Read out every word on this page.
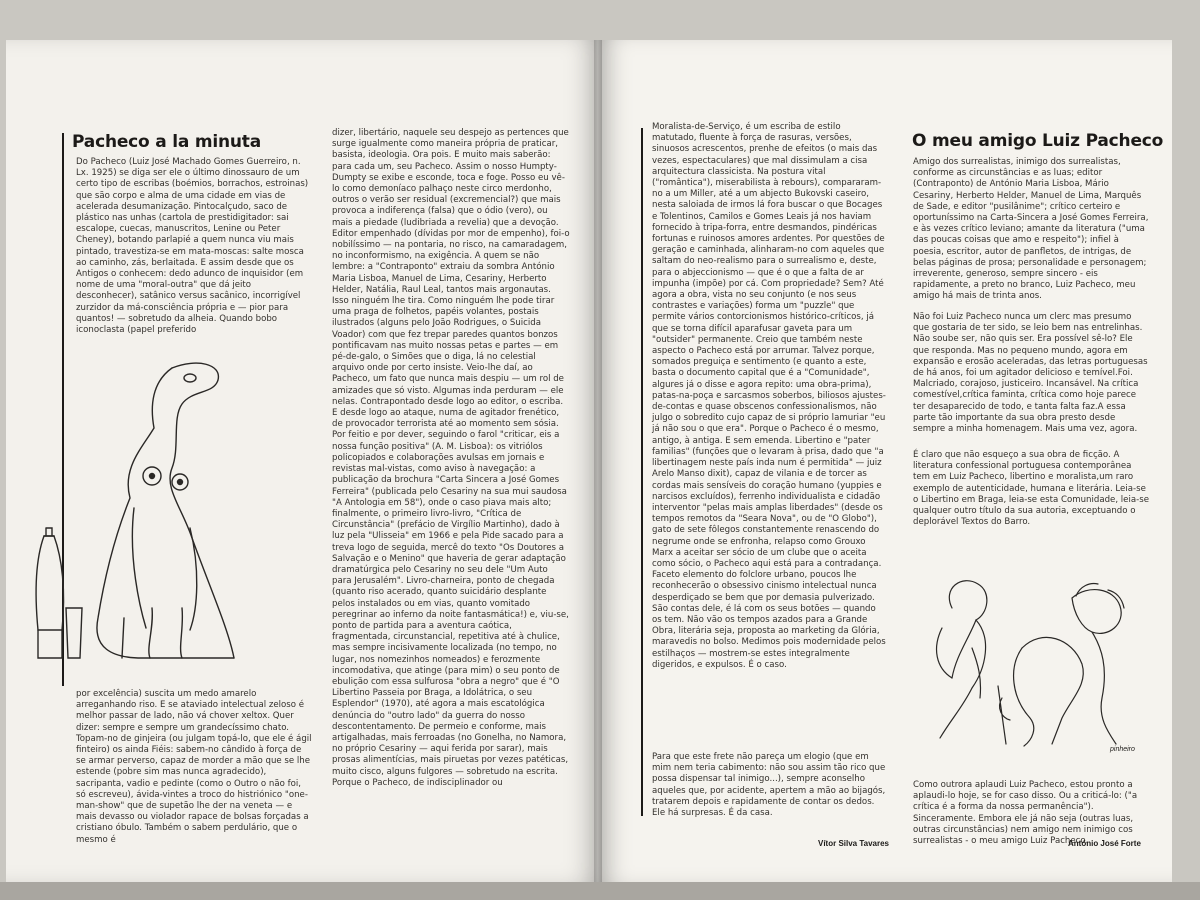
Pacheco a la minuta

Do Pacheco (Luiz José Machado Gomes Guerreiro, n. Lx. 1925) se diga ser ele o último dinossauro de um certo tipo de escribas (boémios, borrachos, estroinas) que são corpo e alma de uma cidade em vias de acelerada desumanização. Pintocalçudo, saco de plástico nas unhas (cartola de prestidigitador: sai escalope, cuecas, manuscritos, Lenine ou Peter Cheney), botando parlapié a quem nunca viu mais pintado, travestiza-se em mata-moscas: salte mosca ao caminho, zás, berlaitada. E assim desde que os Antigos o conhecem: dedo adunco de inquisidor (em nome de uma "moral-outra" que dá jeito desconhecer), satânico versus sacânico, incorrigível zurzidor da má-consciência própria e — pior para quantos! — sobretudo da alheia. Quando bobo iconoclasta (papel preferido

por excelência) suscita um medo amarelo arreganhando riso. E se ataviado intelectual zeloso é melhor passar de lado, não vá chover xeltox. Quer dizer: sempre e sempre um grandecíssimo chato. Topam-no de ginjeira (ou julgam topá-lo, que ele é ágil finteiro) os ainda Fiéis: sabem-no cândido à força de se armar perverso, capaz de morder a mão que se lhe estende (pobre sim mas nunca agradecido), sacripanta, vadio e pedinte (como o Outro o não foi, só escreveu), ávida-vintes a troco do histriónico "one-man-show" que de supetão lhe der na veneta — e mais devasso ou violador rapace de bolsas forçadas a cristiano óbulo. Também o sabem perdulário, que o mesmo é

dizer, libertário, naquele seu despejo as pertences que surge igualmente como maneira própria de praticar, basista, ideologia. Ora pois. E muito mais saberão: para cada um, seu Pacheco. Assim o nosso Humpty-Dumpty se exibe e esconde, toca e foge. Posso eu vê-lo como demoníaco palhaço neste circo merdonho, outros o verão ser residual (excremencial?) que mais provoca a indiferença (falsa) que o ódio (vero), ou mais a piedade (ludibriada a revelia) que a devoção. Editor empenhado (dívidas por mor de empenho), foi-o nobilíssimo — na pontaria, no risco, na camaradagem, no inconformismo, na exigência. A quem se não lembre: a "Contraponto" extraiu da sombra António Maria Lisboa, Manuel de Lima, Cesariny, Herberto Helder, Natália, Raul Leal, tantos mais argonautas. Isso ninguém lhe tira. Como ninguém lhe pode tirar uma praga de folhetos, papéis volantes, postais ilustrados (alguns pelo João Rodrigues, o Suicida Voador) com que fez trepar paredes quantos bonzos pontificavam nas muito nossas petas e partes — em pé-de-galo, o Simões que o diga, lá no celestial arquivo onde por certo insiste. Veio-lhe daí, ao Pacheco, um fato que nunca mais despiu — um rol de amizades que só visto. Algumas inda perduram — ele nelas. Contrapontado desde logo ao editor, o escriba. E desde logo ao ataque, numa de agitador frenético, de provocador terrorista até ao momento sem sósia. Por feitio e por dever, seguindo o farol "criticar, eis a nossa função positiva" (A. M. Lisboa): os vitriólos policopiados e colaborações avulsas em jornais e revistas mal-vistas, como aviso à navegação: a publicação da brochura "Carta Sincera a José Gomes Ferreira" (publicada pelo Cesariny na sua mui saudosa "A Antologia em 58"), onde o caso piava mais alto; finalmente, o primeiro livro-livro, "Crítica de Circunstância" (prefácio de Virgílio Martinho), dado à luz pela "Ulisseia" em 1966 e pela Pide sacado para a treva logo de seguida, mercê do texto "Os Doutores a Salvação e o Menino" que haveria de gerar adaptação dramatúrgica pelo Cesariny no seu dele "Um Auto para Jerusalém". Livro-charneira, ponto de chegada (quanto riso acerado, quanto suicidário desplante pelos instalados ou em vias, quanto vomitado peregrinar ao inferno da noite fantasmática!) e, viu-se, ponto de partida para a aventura caótica, fragmentada, circunstancial, repetitiva até à chulice, mas sempre incisivamente localizada (no tempo, no lugar, nos nomezinhos nomeados) e ferozmente incomodativa, que atinge (para mim) o seu ponto de ebulição com essa sulfurosa "obra a negro" que é "O Libertino Passeia por Braga, a Idolátrica, o seu Esplendor" (1970), até agora a mais escatológica denúncia do "outro lado" da guerra do nosso descontentamento. De permeio e conforme, mais artigalhadas, mais ferroadas (no Gonelha, no Namora, no próprio Cesariny — aqui ferida por sarar), mais prosas alimentícias, mais piruetas por vezes patéticas, muito cisco, alguns fulgores — sobretudo na escrita. Porque o Pacheco, de indisciplinador ou

Moralista-de-Serviço, é um escriba de estilo matutado, fluente à força de rasuras, versões, sinuosos acrescentos, prenhe de efeitos (o mais das vezes, espectaculares) que mal dissimulam a cisa arquitectura classicista. Na postura vital ("romântica"), miserabilista à rebours), compararam-no a um Miller, até a um abjecto Bukovski caseiro, nesta saloiada de irmos lá fora buscar o que Bocages e Tolentinos, Camilos e Gomes Leais já nos haviam fornecido à tripa-forra, entre desmandos, pindéricas fortunas e ruinosos amores ardentes. Por questões de geração e caminhada, alinharam-no com aqueles que saltam do neo-realismo para o surrealismo e, deste, para o abjeccionismo — que é o que a falta de ar impunha (impõe) por cá. Com propriedade? Sem? Até agora a obra, vista no seu conjunto (e nos seus contrastes e variações) forma um "puzzle" que permite vários contorcionismos histórico-críticos, já que se torna difícil aparafusar gaveta para um "outsider" permanente. Creio que também neste aspecto o Pacheco está por arrumar. Talvez porque, somados preguiça e sentimento (e quanto a este, basta o documento capital que é a "Comunidade", algures já o disse e agora repito: uma obra-prima), patas-na-poça e sarcasmos soberbos, biliosos ajustes-de-contas e quase obscenos confessionalismos, não julgo o sobredito cujo capaz de si próprio lamuriar "eu já não sou o que era". Porque o Pacheco é o mesmo, antigo, à antiga. E sem emenda. Libertino e "pater familias" (funções que o levaram à prisa, dado que "a libertinagem neste país inda num é permitida" — juiz Arelo Manso dixit), capaz de vilania e de torcer as cordas mais sensíveis do coração humano (yuppies e narcisos excluídos), ferrenho individualista e cidadão interventor "pelas mais amplas liberdades" (desde os tempos remotos da "Seara Nova", ou de "O Globo"), gato de sete fôlegos constantemente renascendo do negrume onde se enfronha, relapso como Grouxo Marx a aceitar ser sócio de um clube que o aceita como sócio, o Pacheco aqui está para a contradança. Faceto elemento do folclore urbano, poucos lhe reconhecerão o obsessivo cinismo intelectual nunca desperdiçado se bem que por demasia pulverizado. São contas dele, é lá com os seus botões — quando os tem. Não vão os tempos azados para a Grande Obra, literária seja, proposta ao marketing da Glória, maravedis no bolso. Medimos pois modernidade pelos estilhaços — mostrem-se estes integralmente digeridos, e expulsos. É o caso.

Para que este frete não pareça um elogio (que em mim nem teria cabimento: não sou assim tão rico que possa dispensar tal inimigo...), sempre aconselho aqueles que, por acidente, apertem a mão ao bijagós, tratarem depois e rapidamente de contar os dedos. Ele há surpresas. É da casa.

Vítor Silva Tavares
O meu amigo Luiz Pacheco

Amigo dos surrealistas, inimigo dos surrealistas, conforme as circunstâncias e as luas; editor (Contraponto) de António Maria Lisboa, Mário Cesariny, Herberto Helder, Manuel de Lima, Marquês de Sade, e editor "pusilânime"; crítico certeiro e oportuníssimo na Carta-Sincera a José Gomes Ferreira, e às vezes crítico leviano; amante da literatura ("uma das poucas coisas que amo e respeito"); infiel à poesia, escritor, autor de panfletos, de intrigas, de belas páginas de prosa; personalidade e personagem; irreverente, generoso, sempre sincero - eis rapidamente, a preto no branco, Luiz Pacheco, meu amigo há mais de trinta anos.

Não foi Luiz Pacheco nunca um clerc mas presumo que gostaria de ter sido, se leio bem nas entrelinhas. Não soube ser, não quis ser. Era possível sê-lo? Ele que responda. Mas no pequeno mundo, agora em expansão e erosão aceleradas, das letras portuguesas de há anos, foi um agitador delicioso e temível.Foi. Malcriado, corajoso, justiceiro. Incansável. Na crítica comestível,crítica faminta, crítica como hoje parece ter desaparecido de todo, e tanta falta faz.A essa parte tão importante da sua obra presto desde sempre a minha homenagem. Mais uma vez, agora.

É claro que não esqueço a sua obra de ficção. A literatura confessional portuguesa contemporânea tem em Luiz Pacheco, libertino e moralista,um raro exemplo de autenticidade, humana e literária. Leia-se o Libertino em Braga, leia-se esta Comunidade, leia-se qualquer outro título da sua autoria, exceptuando o deplorável Textos do Barro.

pinheiro

Como outrora aplaudi Luiz Pacheco, estou pronto a aplaudi-lo hoje, se for caso disso. Ou a criticá-lo: ("a crítica é a forma da nossa permanência"). Sinceramente. Embora ele já não seja (outras luas, outras circunstâncias) nem amigo nem inimigo cos surrealistas - o meu amigo Luiz Pacheco.

António José Forte
